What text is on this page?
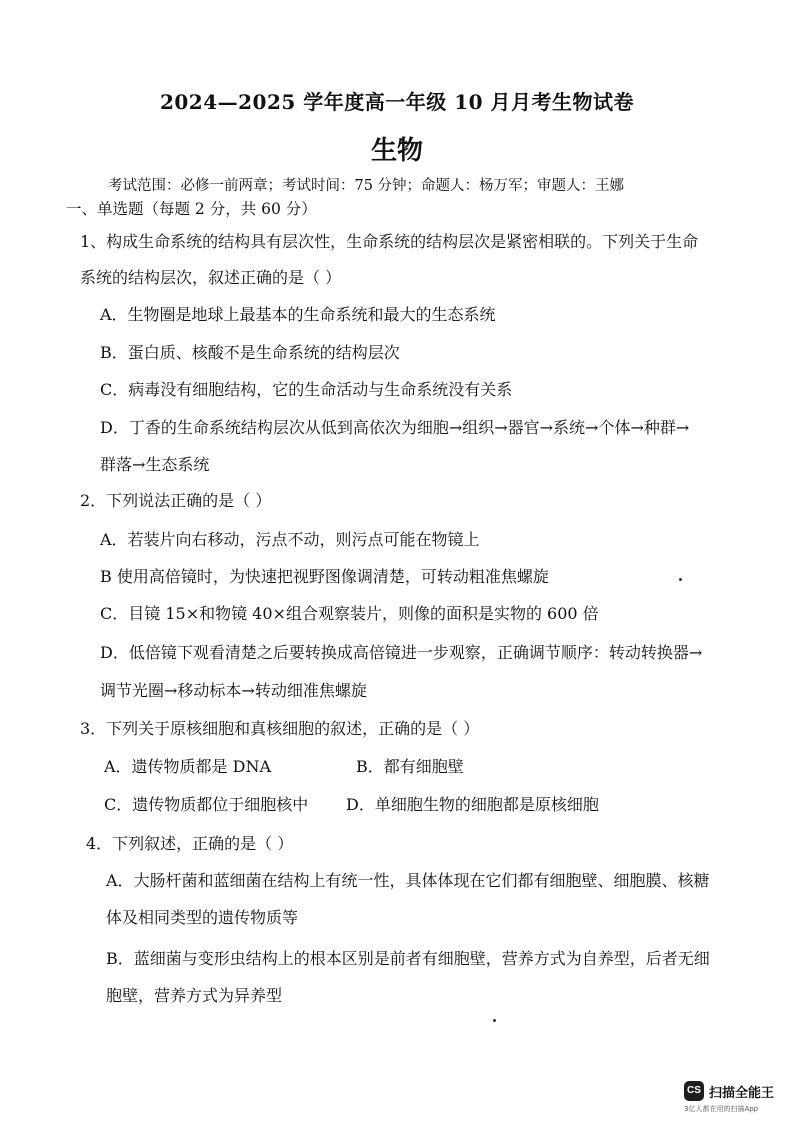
2024—2025 学年度高一年级 10 月月考生物试卷
生物
考试范围：必修一前两章；考试时间：75 分钟；命题人：杨万军；审题人：王娜
一、单选题（每题 2 分，共 60 分）
1、构成生命系统的结构具有层次性，生命系统的结构层次是紧密相联的。下列关于生命
系统的结构层次，叙述正确的是（ ）
A．生物圈是地球上最基本的生命系统和最大的生态系统
B．蛋白质、核酸不是生命系统的结构层次
C．病毒没有细胞结构，它的生命活动与生命系统没有关系
D．丁香的生命系统结构层次从低到高依次为细胞→组织→器官→系统→个体→种群→
群落→生态系统
2．下列说法正确的是（ ）
A．若装片向右移动，污点不动，则污点可能在物镜上
B 使用高倍镜时，为快速把视野图像调清楚，可转动粗准焦螺旋
C．目镜 15×和物镜 40×组合观察装片，则像的面积是实物的 600 倍
D．低倍镜下观看清楚之后要转换成高倍镜进一步观察，正确调节顺序：转动转换器→
调节光圈→移动标本→转动细准焦螺旋
3．下列关于原核细胞和真核细胞的叙述，正确的是（ ）
A．遗传物质都是 DNA	B．都有细胞壁
C．遗传物质都位于细胞核中 D．单细胞生物的细胞都是原核细胞
4．下列叙述，正确的是（ ）
A．大肠杆菌和蓝细菌在结构上有统一性，具体体现在它们都有细胞壁、细胞膜、核糖
体及相同类型的遗传物质等
B．蓝细菌与变形虫结构上的根本区别是前者有细胞壁，营养方式为自养型，后者无细
胞壁，营养方式为异养型
CS 扫描全能王
3亿人都在用的扫描App
